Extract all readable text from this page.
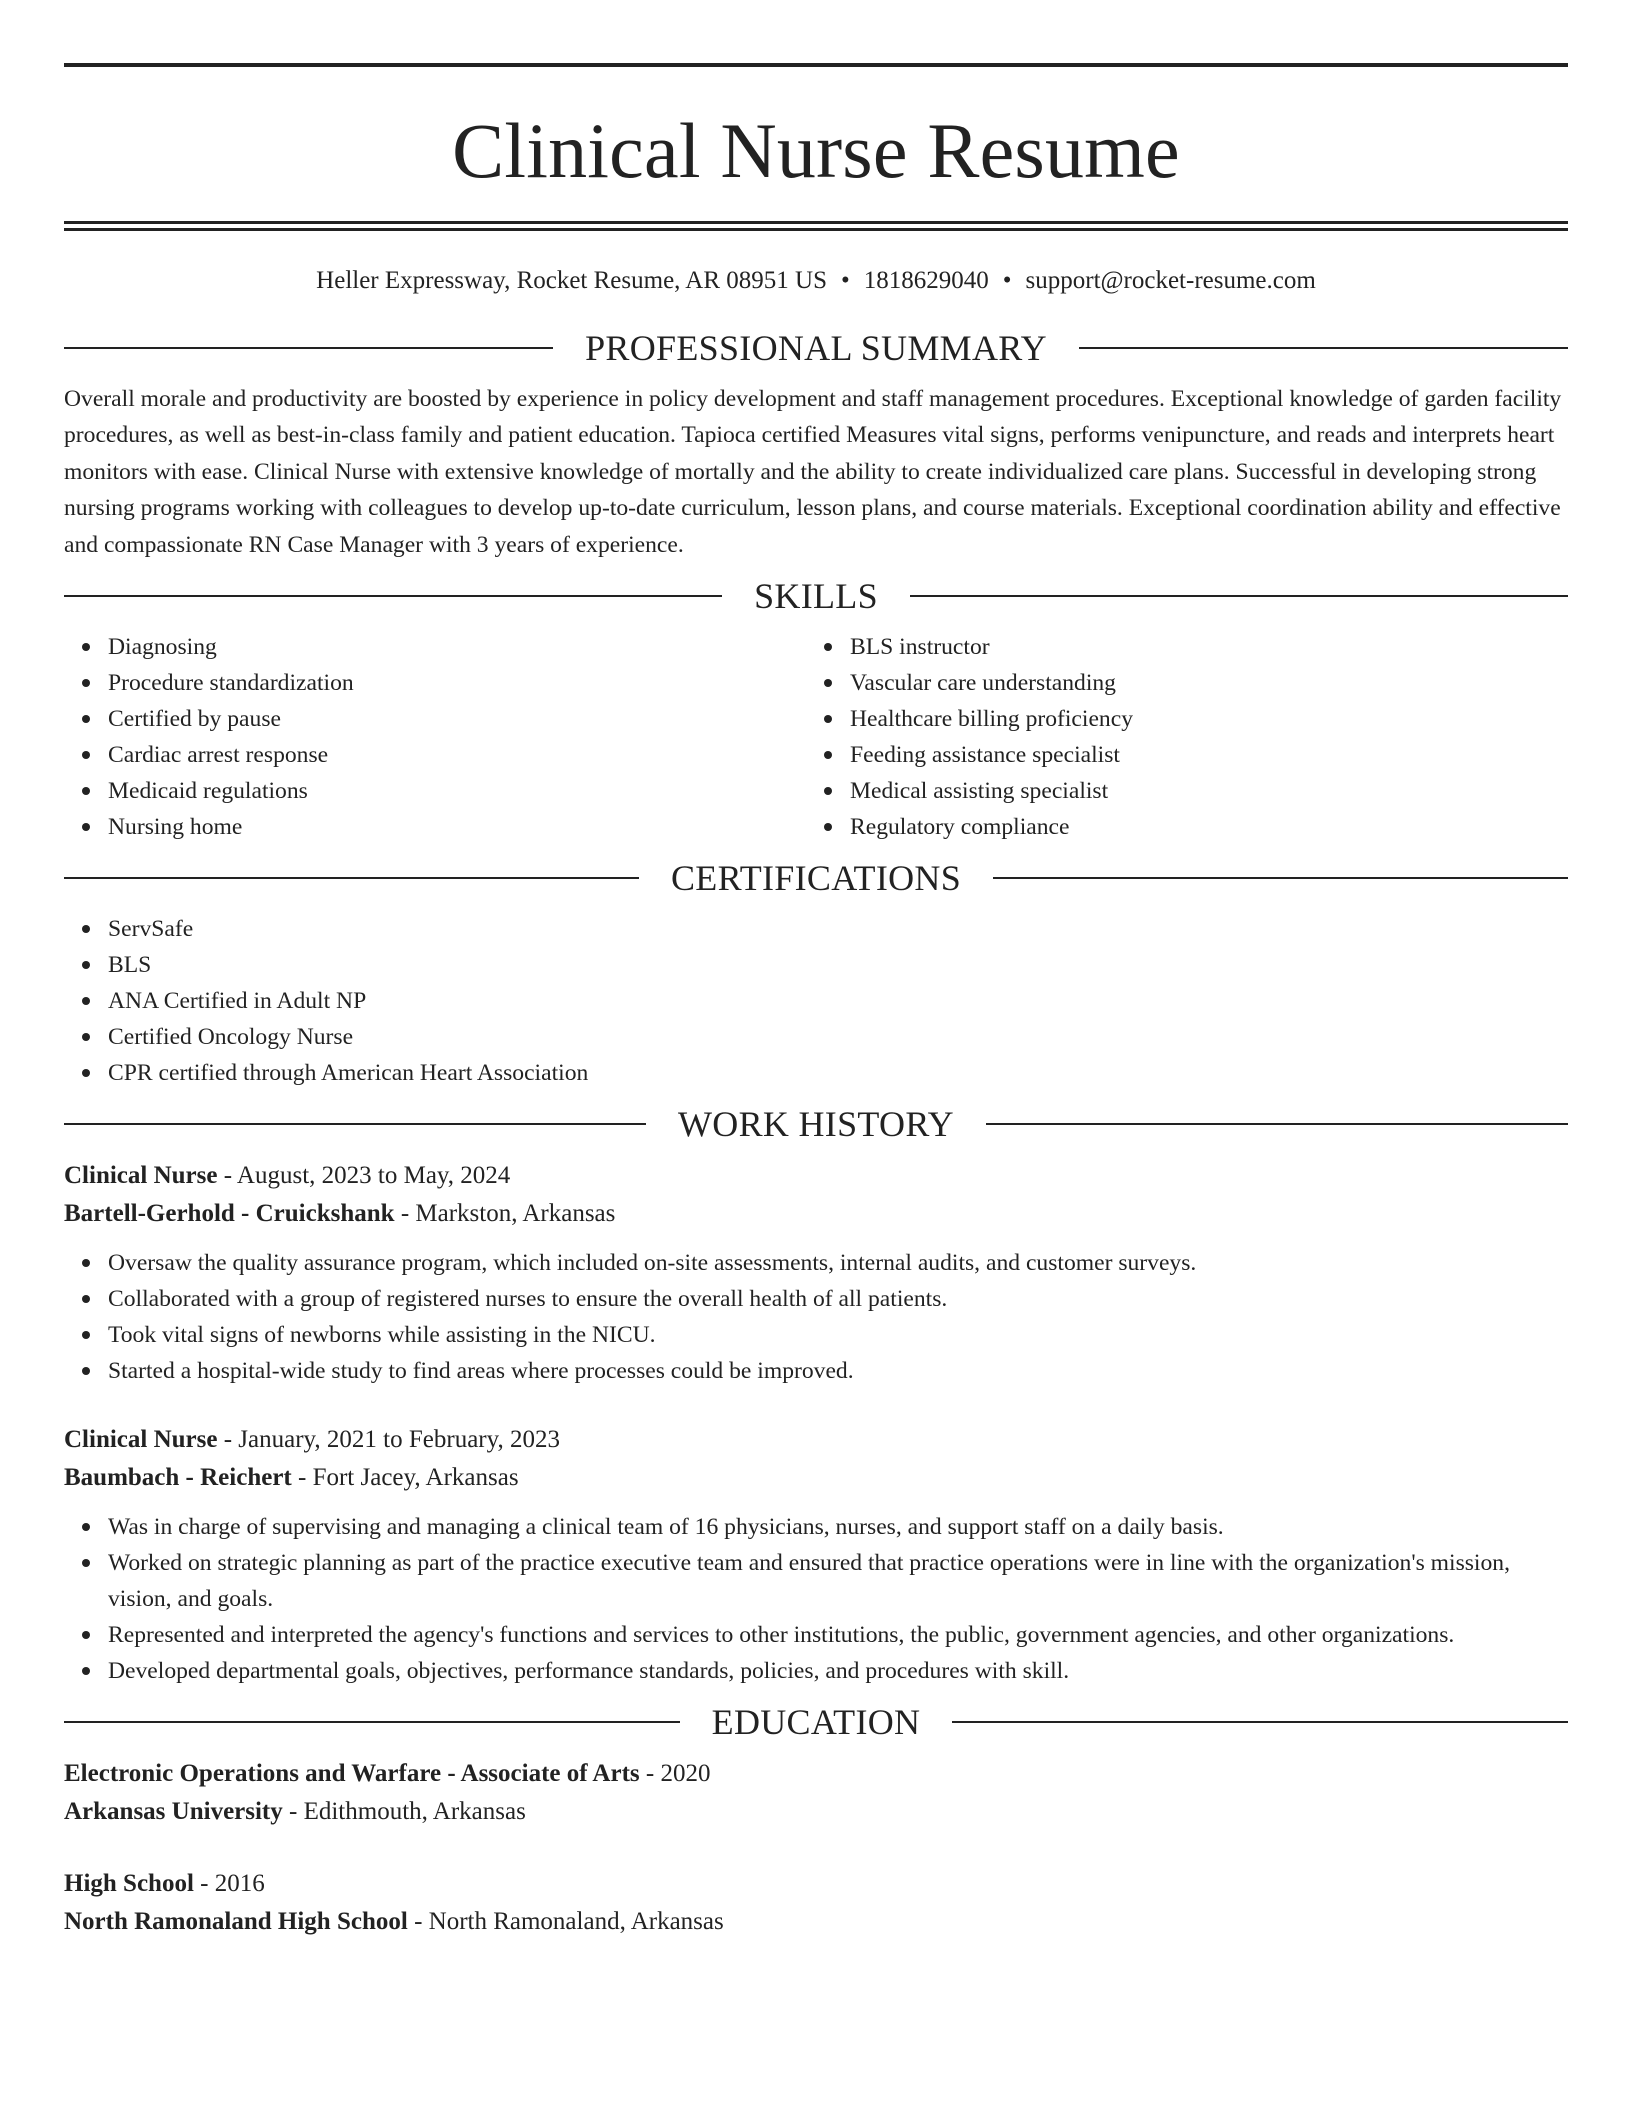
Clinical Nurse Resume
Heller Expressway, Rocket Resume, AR 08951 US • 1818629040 • support@rocket-resume.com
PROFESSIONAL SUMMARY

Overall morale and productivity are boosted by experience in policy development and staff management procedures. Exceptional knowledge of garden facility procedures, as well as best-in-class family and patient education. Tapioca certified Measures vital signs, performs venipuncture, and reads and interprets heart monitors with ease. Clinical Nurse with extensive knowledge of mortally and the ability to create individualized care plans. Successful in developing strong nursing programs working with colleagues to develop up-to-date curriculum, lesson plans, and course materials. Exceptional coordination ability and effective and compassionate RN Case Manager with 3 years of experience.

SKILLS
Diagnosing
Procedure standardization
Certified by pause
Cardiac arrest response
Medicaid regulations
Nursing home
BLS instructor
Vascular care understanding
Healthcare billing proficiency
Feeding assistance specialist
Medical assisting specialist
Regulatory compliance
CERTIFICATIONS
ServSafe
BLS
ANA Certified in Adult NP
Certified Oncology Nurse
CPR certified through American Heart Association
WORK HISTORY
Clinical Nurse - August, 2023 to May, 2024
Bartell-Gerhold - Cruickshank - Markston, Arkansas
Oversaw the quality assurance program, which included on-site assessments, internal audits, and customer surveys.
Collaborated with a group of registered nurses to ensure the overall health of all patients.
Took vital signs of newborns while assisting in the NICU.
Started a hospital-wide study to find areas where processes could be improved.
Clinical Nurse - January, 2021 to February, 2023
Baumbach - Reichert - Fort Jacey, Arkansas
Was in charge of supervising and managing a clinical team of 16 physicians, nurses, and support staff on a daily basis.
Worked on strategic planning as part of the practice executive team and ensured that practice operations were in line with the organization's mission, vision, and goals.
Represented and interpreted the agency's functions and services to other institutions, the public, government agencies, and other organizations.
Developed departmental goals, objectives, performance standards, policies, and procedures with skill.
EDUCATION
Electronic Operations and Warfare - Associate of Arts - 2020
Arkansas University - Edithmouth, Arkansas
High School - 2016
North Ramonaland High School - North Ramonaland, Arkansas
